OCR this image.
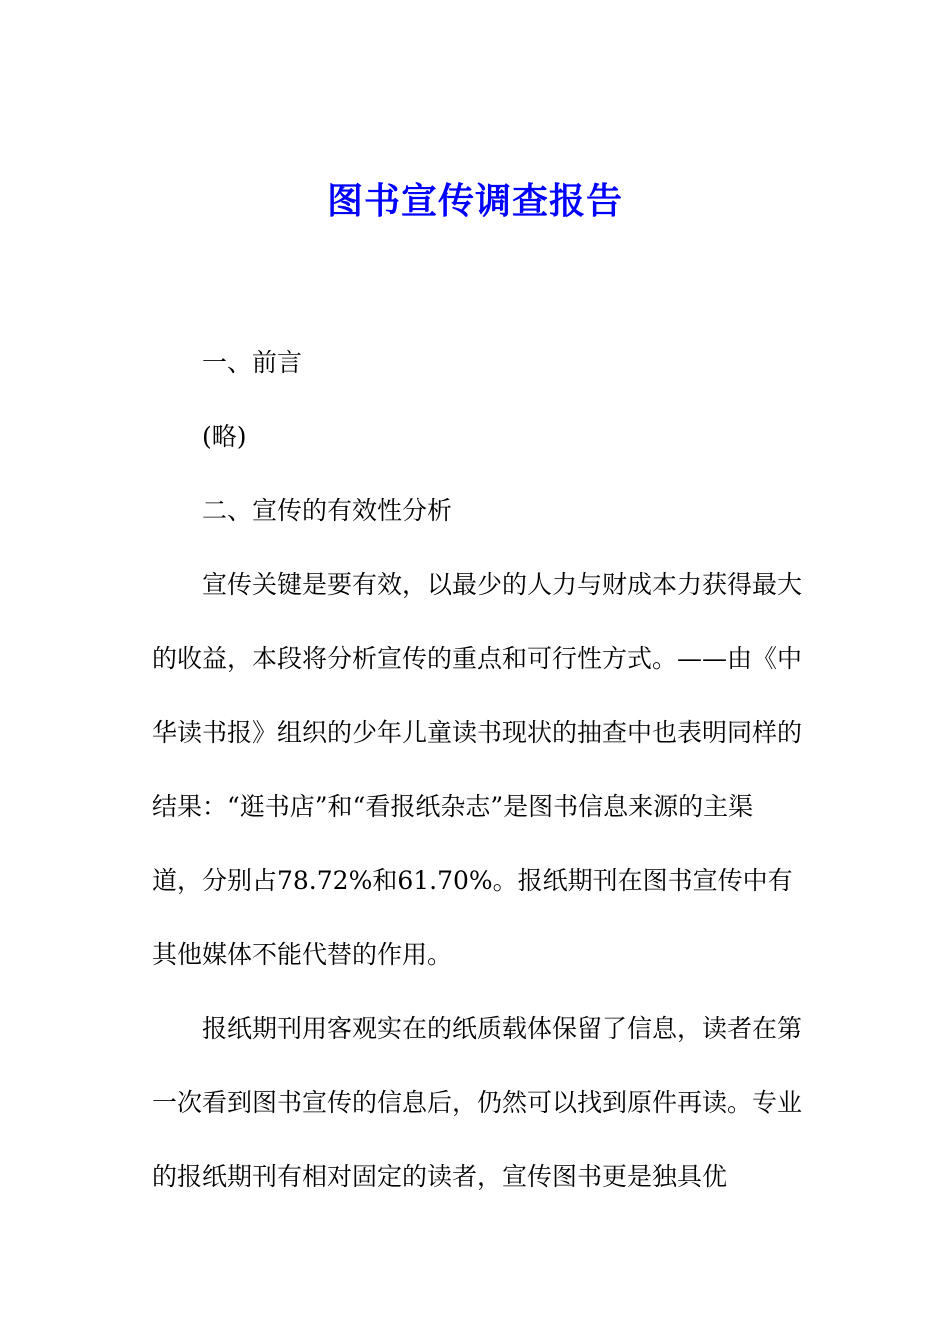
图书宣传调查报告

一、前言

(略)

二、宣传的有效性分析

宣传关键是要有效，以最少的人力与财成本力获得最大的收益，本段将分析宣传的重点和可行性方式。——由《中华读书报》组织的少年儿童读书现状的抽查中也表明同样的结果：“逛书店”和“看报纸杂志”是图书信息来源的主渠道，分别占78.72%和61.70%。报纸期刊在图书宣传中有其他媒体不能代替的作用。

报纸期刊用客观实在的纸质载体保留了信息，读者在第一次看到图书宣传的信息后，仍然可以找到原件再读。专业的报纸期刊有相对固定的读者，宣传图书更是独具优
